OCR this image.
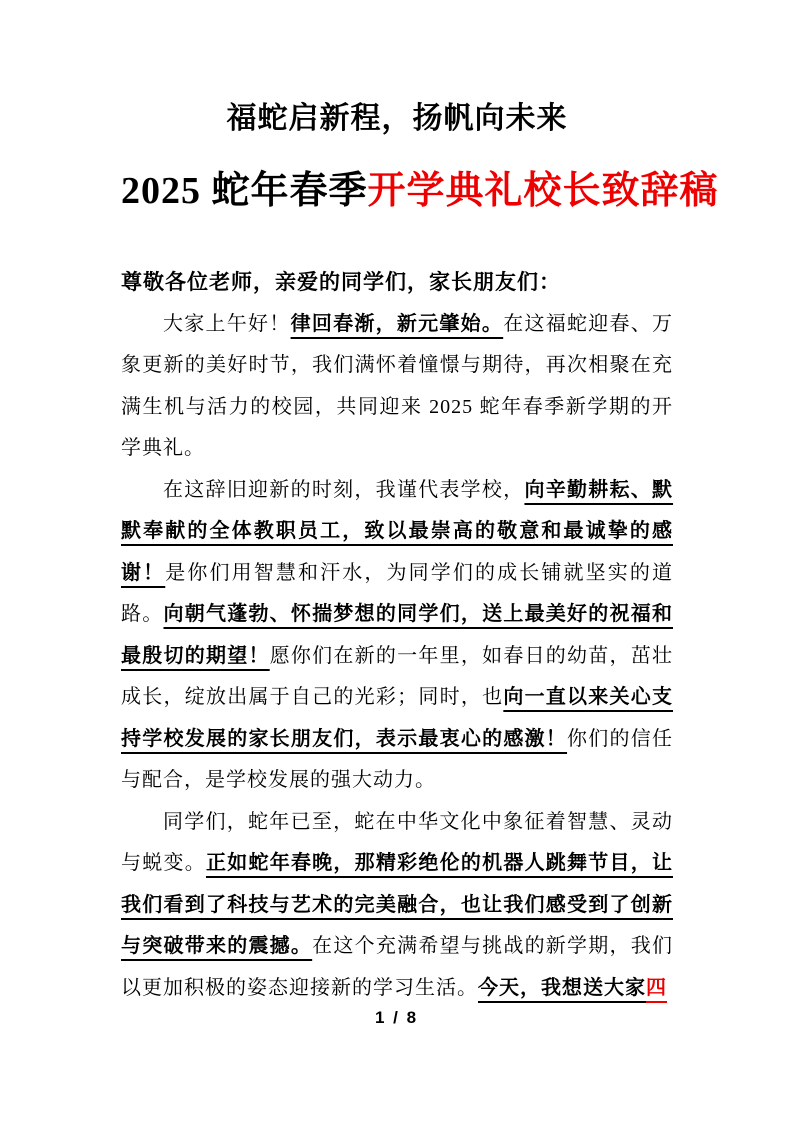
福蛇启新程，扬帆向未来
2025 蛇年春季开学典礼校长致辞稿
尊敬各位老师，亲爱的同学们，家长朋友们：

大家上午好！律回春渐，新元肇始。在这福蛇迎春、万象更新的美好时节，我们满怀着憧憬与期待，再次相聚在充满生机与活力的校园，共同迎来 2025 蛇年春季新学期的开学典礼。

在这辞旧迎新的时刻，我谨代表学校，向辛勤耕耘、默默奉献的全体教职员工，致以最崇高的敬意和最诚挚的感谢！是你们用智慧和汗水，为同学们的成长铺就坚实的道路。向朝气蓬勃、怀揣梦想的同学们，送上最美好的祝福和最殷切的期望！愿你们在新的一年里，如春日的幼苗，茁壮成长，绽放出属于自己的光彩；同时，也向一直以来关心支持学校发展的家长朋友们，表示最衷心的感激！你们的信任与配合，是学校发展的强大动力。

同学们，蛇年已至，蛇在中华文化中象征着智慧、灵动与蜕变。正如蛇年春晚，那精彩绝伦的机器人跳舞节目，让我们看到了科技与艺术的完美融合，也让我们感受到了创新与突破带来的震撼。在这个充满希望与挑战的新学期，我们以更加积极的姿态迎接新的学习生活。今天，我想送大家四

1 / 8
